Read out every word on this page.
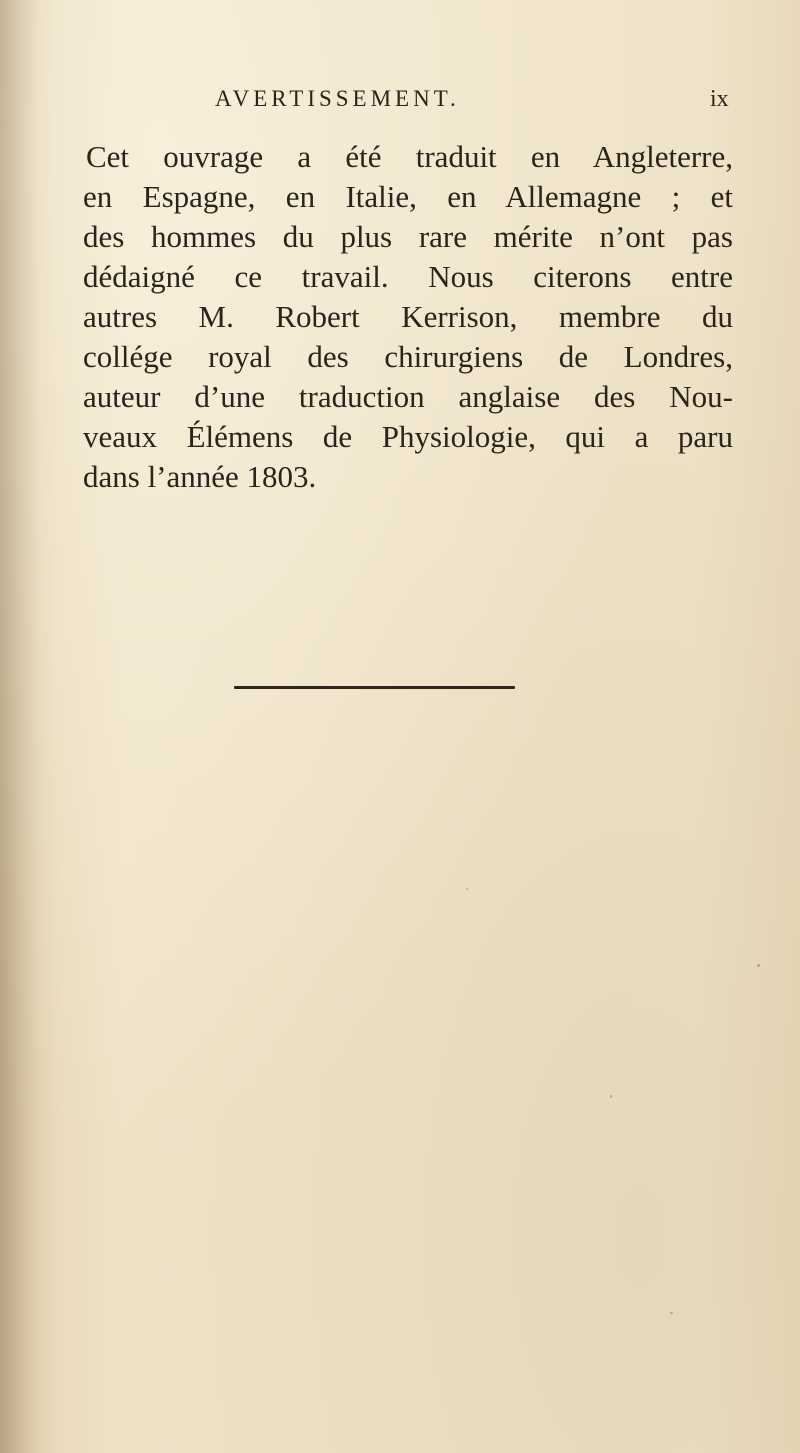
AVERTISSEMENT.	ix
Cet ouvrage a été traduit en Angleterre,
en Espagne, en Italie, en Allemagne ; et
des hommes du plus rare mérite n’ont pas
dédaigné ce travail. Nous citerons entre
autres M. Robert Kerrison, membre du
collége royal des chirurgiens de Londres,
auteur d’une traduction anglaise des Nou-
veaux Élémens de Physiologie, qui a paru
dans l’année 1803.
